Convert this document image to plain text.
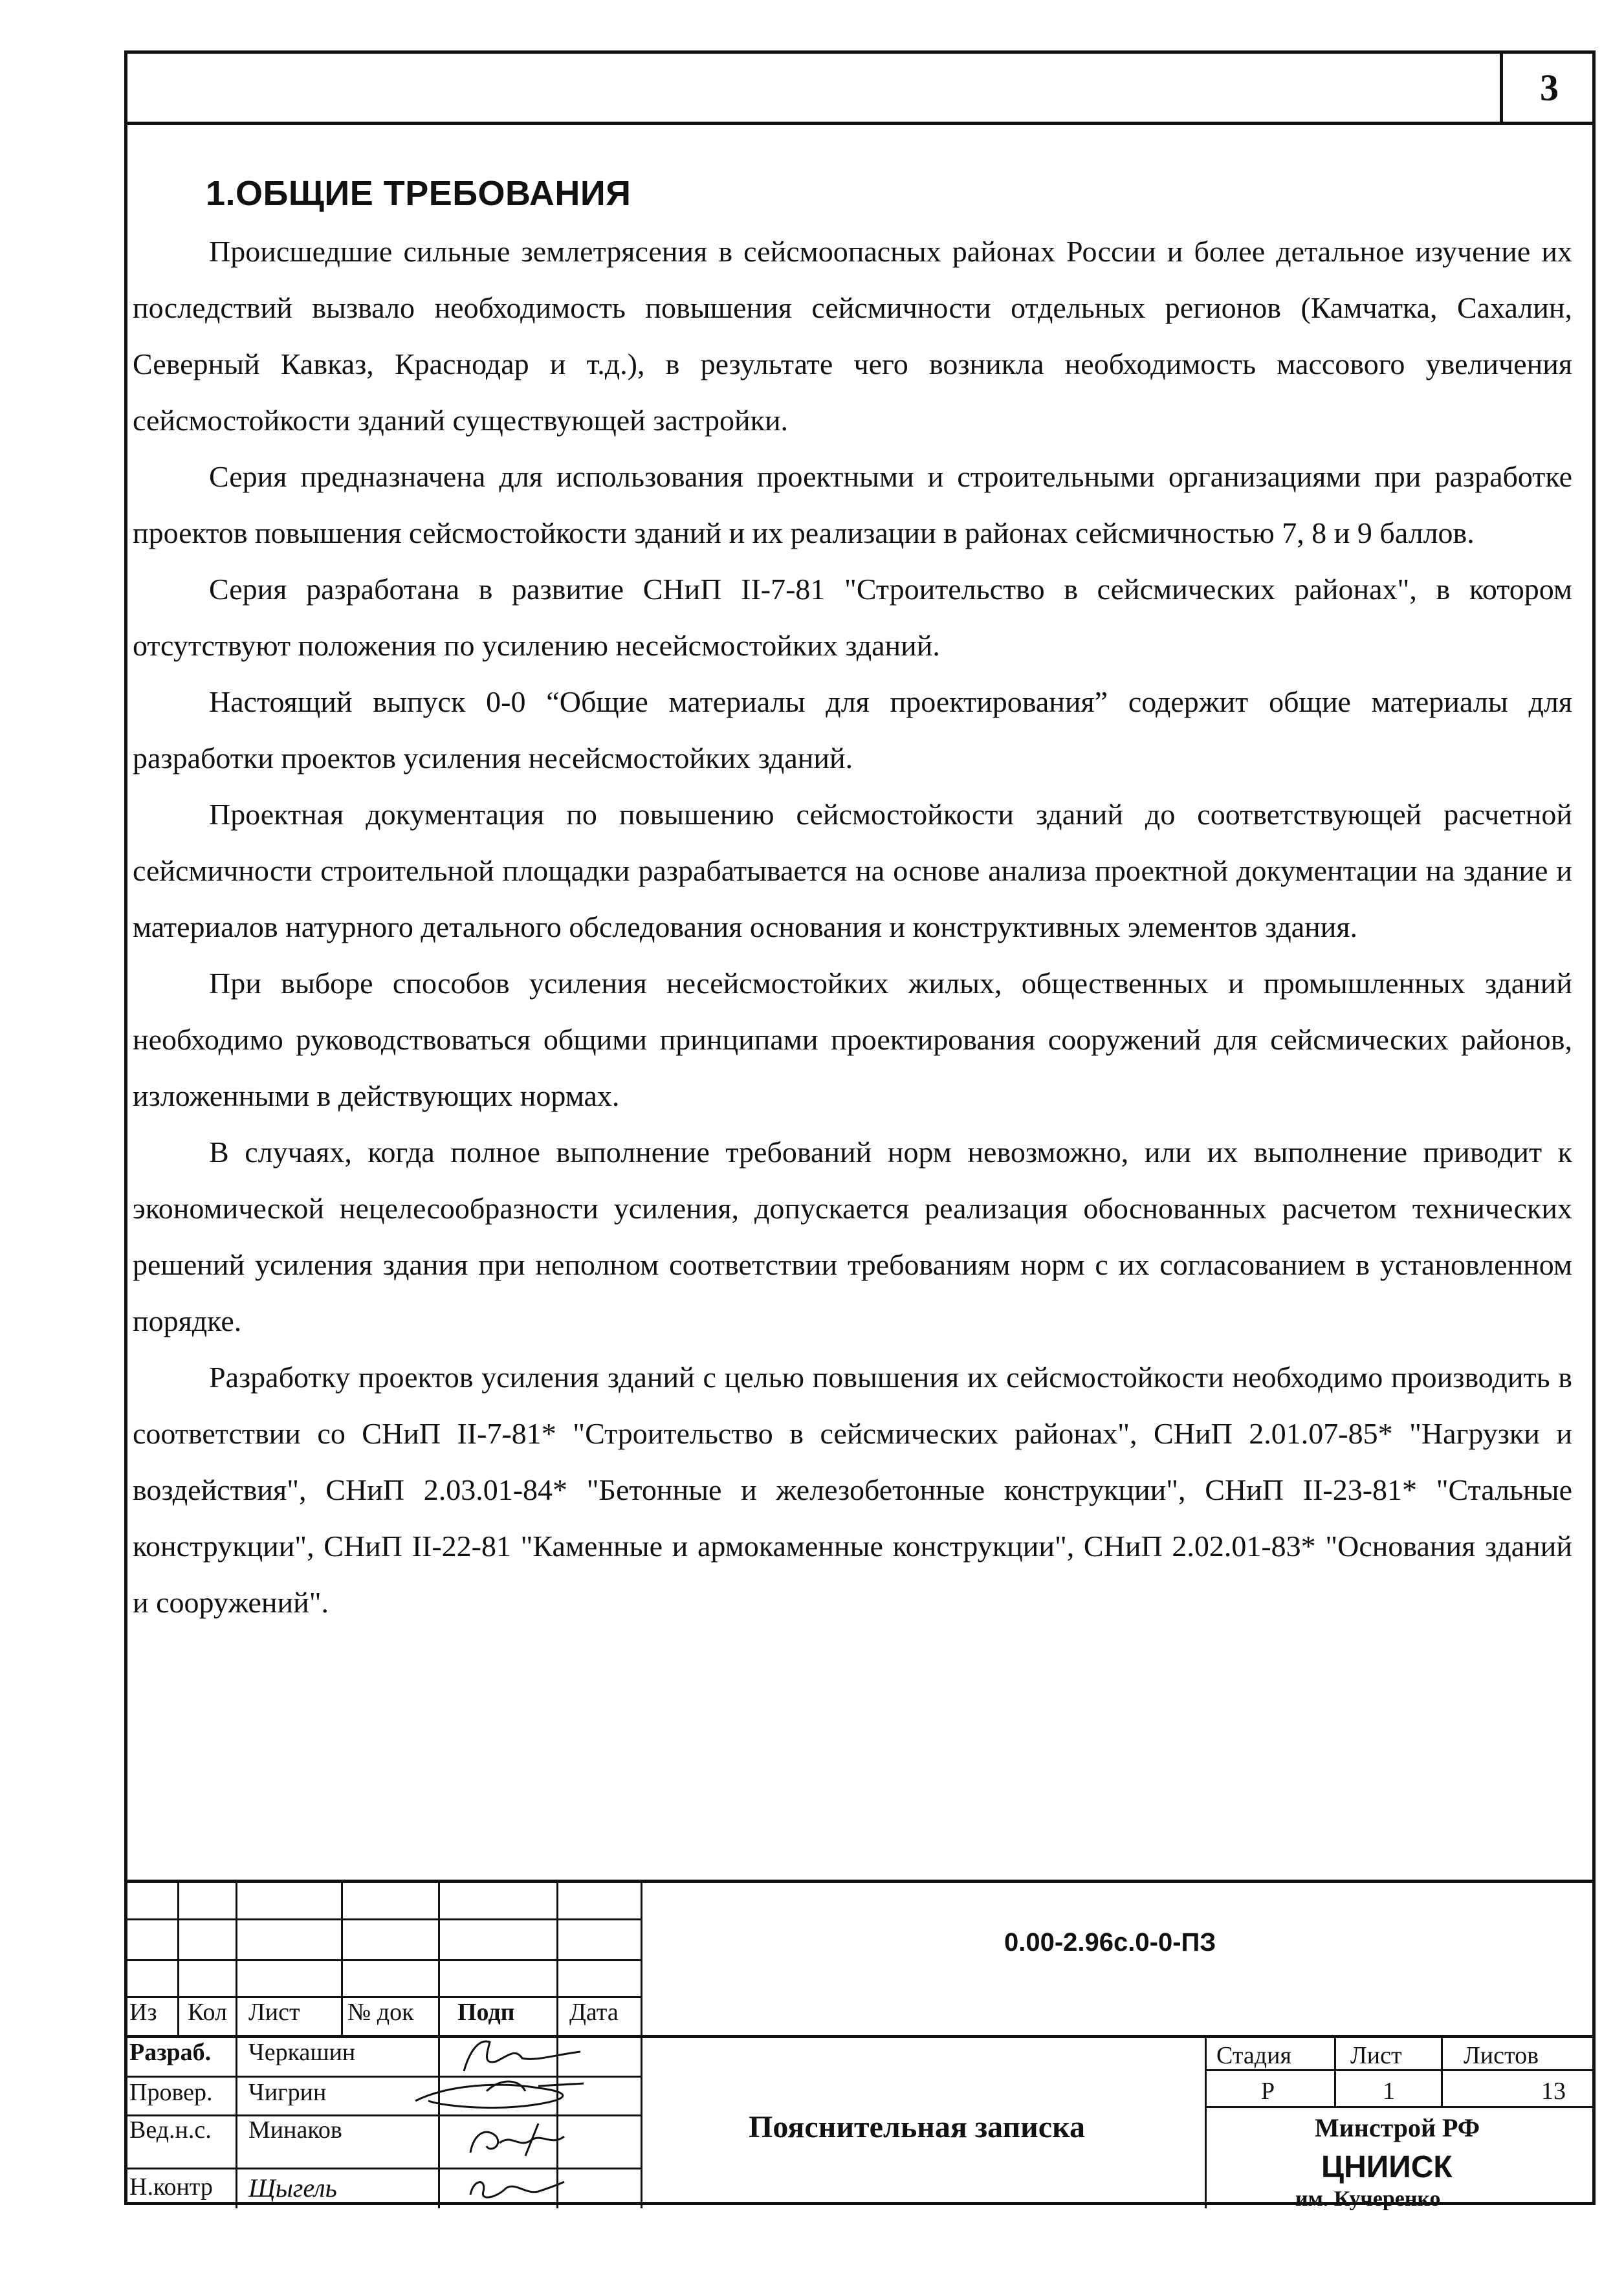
3
1.ОБЩИЕ ТРЕБОВАНИЯ

Происшедшие сильные землетрясения в сейсмоопасных районах России и более детальное изучение их последствий вызвало необходимость повышения сейсмичности отдельных регионов (Камчатка, Сахалин, Северный Кавказ, Краснодар и т.д.), в результате чего возникла необходимость массового увеличения сейсмостойкости зданий существующей застройки.

Серия предназначена для использования проектными и строительными организациями при разработке проектов повышения сейсмостойкости зданий и их реализации в районах сейсмичностью 7, 8 и 9 баллов.

Серия разработана в развитие СНиП II-7-81 "Строительство в сейсмических районах", в котором отсутствуют положения по усилению несейсмостойких зданий.

Настоящий выпуск 0-0 “Общие материалы для проектирования” содержит общие материалы для разработки проектов усиления несейсмостойких зданий.

Проектная документация по повышению сейсмостойкости зданий до соответствующей расчетной сейсмичности строительной площадки разрабатывается на основе анализа проектной документации на здание и материалов натурного детального обследования основания и конструктивных элементов здания.

При выборе способов усиления несейсмостойких жилых, общественных и промышленных зданий необходимо руководствоваться общими принципами проектирования сооружений для сейсмических районов, изложенными в действующих нормах.

В случаях, когда полное выполнение требований норм невозможно, или их выполнение приводит к экономической нецелесообразности усиления, допускается реализация обоснованных расчетом технических решений усиления здания при неполном соответствии требованиям норм с их согласованием в установленном порядке.

Разработку проектов усиления зданий с целью повышения их сейсмостойкости необходимо производить в соответствии со СНиП II-7-81* "Строительство в сейсмических районах", СНиП 2.01.07-85* "Нагрузки и воздействия", СНиП 2.03.01-84* "Бетонные и железобетонные конструкции", СНиП II-23-81* "Стальные конструкции", СНиП II-22-81 "Каменные и армокаменные конструкции", СНиП 2.02.01-83* "Основания зданий и сооружений".

Из Кол Лист № док Подп Дата
Разраб. Черкашин
Провер. Чигрин
Вед.н.с. Минаков
Н.контр Щыгель
0.00-2.96с.0-0-ПЗ
Пояснительная записка
Стадия Лист	Листов
Р	1	13
Минстрой РФ
ЦНИИСК
им. Кучеренко
